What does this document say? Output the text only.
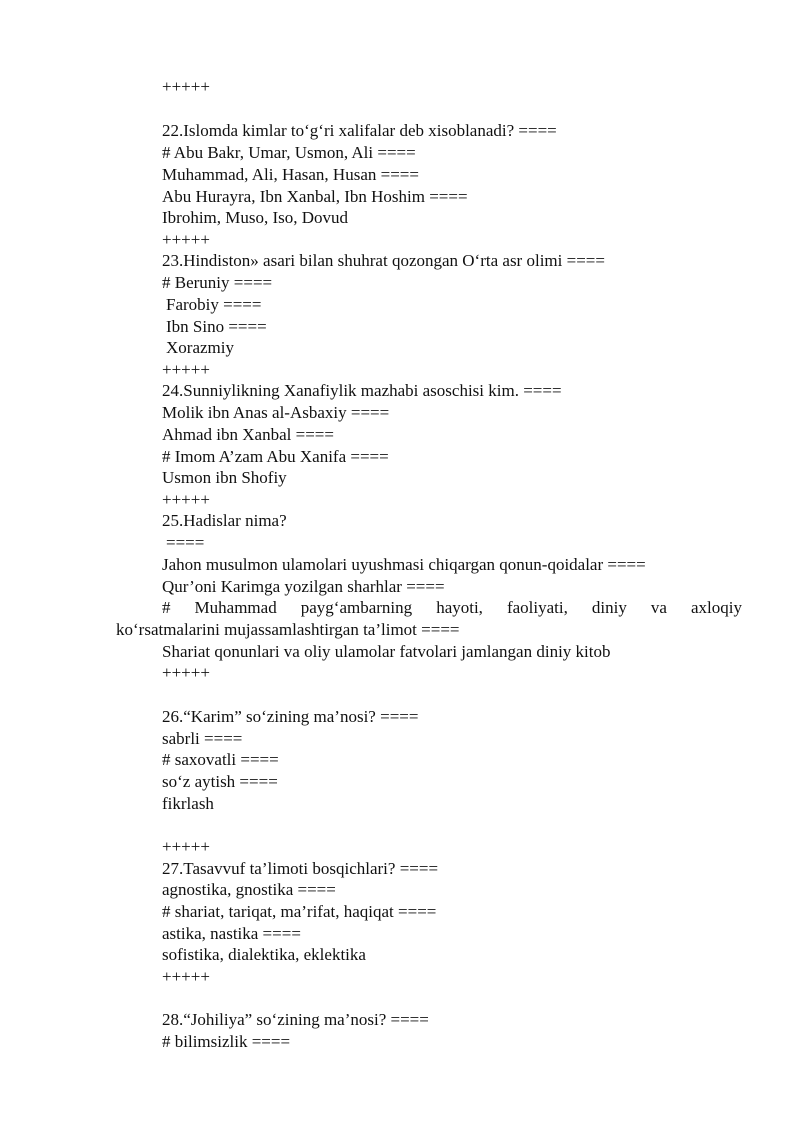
+++++
22.Islomda kimlar to‘g‘ri xalifalar deb xisoblanadi? ====
# Abu Bakr, Umar, Usmon, Ali ====
Muhammad, Ali, Hasan, Husan ====
Abu Hurayra, Ibn Xanbal, Ibn Hoshim ====
Ibrohim, Muso, Iso, Dovud
+++++
23.Hindiston» asari bilan shuhrat qozongan O‘rta asr olimi ====
# Beruniy ====
Farobiy ====
Ibn Sino ====
Xorazmiy
+++++
24.Sunniylikning Xanafiylik mazhabi asoschisi kim. ====
Molik ibn Anas al-Asbaxiy ====
Ahmad ibn Xanbal ====
# Imom A’zam Abu Xanifa ====
Usmon ibn Shofiy
+++++
25.Hadislar nima?
====
Jahon musulmon ulamolari uyushmasi chiqargan qonun-qoidalar ====
Qur’oni Karimga yozilgan sharhlar ====
# Muhammad payg‘ambarning hayoti, faoliyati, diniy va axloqiy
ko‘rsatmalarini mujassamlashtirgan ta’limot ====
Shariat qonunlari va oliy ulamolar fatvolari jamlangan diniy kitob
+++++
26.“Karim” so‘zining ma’nosi? ====
sabrli ====
# saxovatli ====
so‘z aytish ====
fikrlash
+++++
27.Tasavvuf ta’limoti bosqichlari? ====
agnostika, gnostika ====
# shariat, tariqat, ma’rifat, haqiqat ====
astika, nastika ====
sofistika, dialektika, eklektika
+++++
28.“Johiliya” so‘zining ma’nosi? ====
# bilimsizlik ====
